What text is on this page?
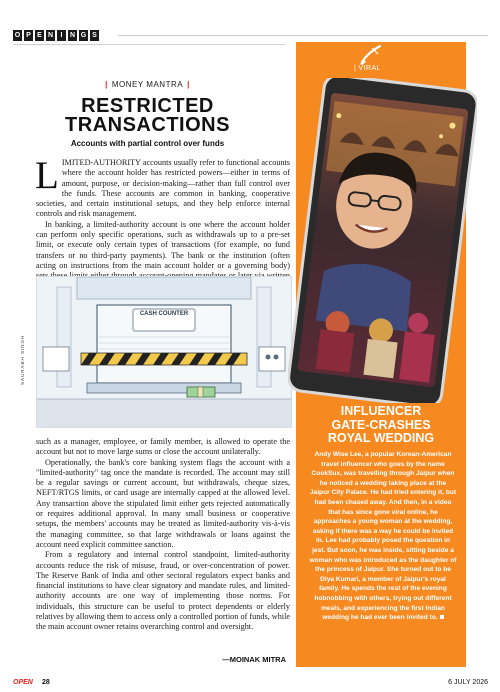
O P E N	I	N G S
| MONEY MANTRA |
RESTRICTED
TRANSACTIONS
Accounts with partial control over funds

LIMITED-AUTHORITY accounts usually refer to functional accounts where the account holder has restricted powers—either in terms of amount, purpose, or decision-making—rather than full control over the funds. These accounts are common in banking, cooperative societies, and certain institutional setups, and they help enforce internal controls and risk management.

In banking, a limited-authority account is one where the account holder can perform only specific operations, such as withdrawals up to a pre-set limit, or execute only certain types of transactions (for example, no fund transfers or no third-party payments). The bank or the institution (often acting on instructions from the main account holder or a governing body)

CASH COUNTER
SAURABH SINGH

such as a manager, employee, or family member, is allowed to operate the account but not to move large sums or close the account unilaterally.

Operationally, the bank's core banking system flags the account with a "limited-authority" tag once the mandate is recorded. The account may still be a regular savings or current account, but withdrawals, cheque sizes, NEFT/RTGS limits, or card usage are internally capped at the allowed level. Any transaction above the stipulated limit either gets rejected automatically or requires additional approval. In many small business or cooperative setups, the members' accounts may be treated as limited-authority vis-à-vis the managing committee, so that large withdrawals or loans against the account need explicit committee sanction.

From a regulatory and internal control standpoint, limited-authority accounts reduce the risk of misuse, fraud, or over-concentration of power. The Reserve Bank of India and other sectoral regulators expect banks and financial institutions to have clear signatory and mandate rules, and limited-authority accounts are one way of implementing those norms. For individuals, this structure can be useful to protect dependents or elderly relatives by allowing them to access only a controlled portion of funds, while the main account owner retains overarching control and oversight.

—MOINAK MITRA
| VIRAL
INFLUENCER
GATE-CRASHES
ROYAL WEDDING
Andy Wise Lee, a popular Korean-American travel influencer who goes by the name CookSux, was travelling through Jaipur when he noticed a wedding taking place at the Jaipur City Palace. He had tried entering it, but had been chased away. And then, in a video that has since gone viral online, he approaches a young woman at the wedding, asking if there was a way he could be invited in. Lee had probably posed the question in jest. But soon, he was inside, sitting beside a woman who was introduced as the daughter of the princess of Jaipur. She turned out to be Diya Kumari, a member of Jaipur's royal family. He spends the rest of the evening hobnobbing with others, trying out different meals, and experiencing the first Indian wedding he had ever been invited to.
OPEN 28	6 JULY 2026
